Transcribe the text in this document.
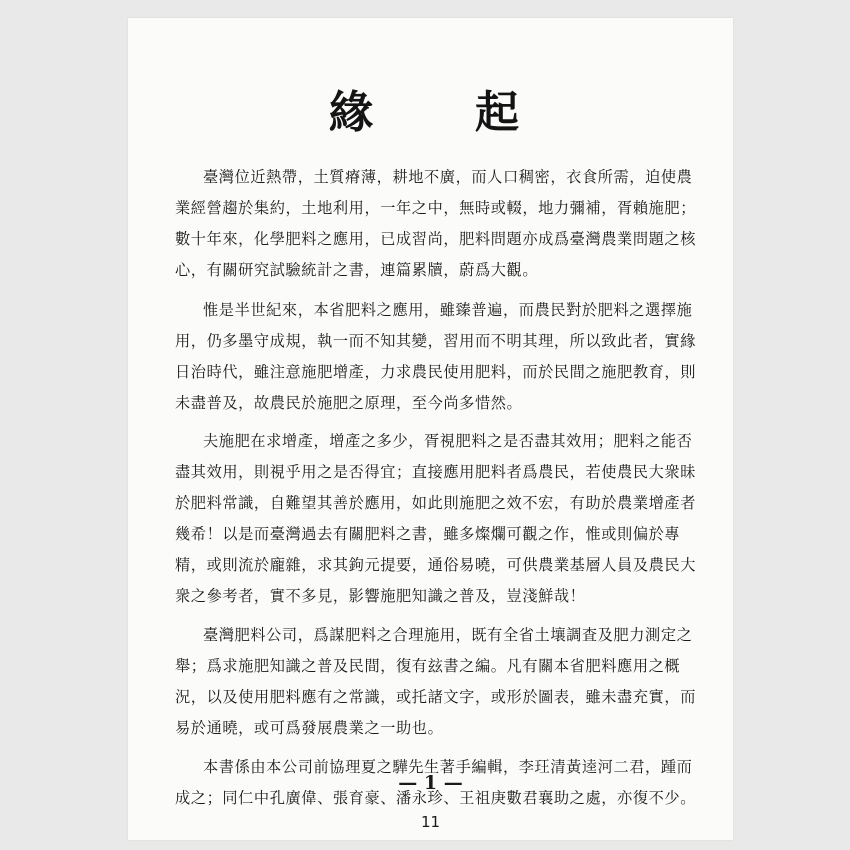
緣 起
臺灣位近熱帶，土質瘠薄，耕地不廣，而人口稠密，衣食所需，迫使農
業經營趨於集約，土地利用，一年之中，無時或輟，地力彌補，胥賴施肥；
數十年來，化學肥料之應用，已成習尚，肥料問題亦成爲臺灣農業問題之核
心，有關研究試驗統計之書，連篇累牘，蔚爲大觀。
惟是半世紀來，本省肥料之應用，雖臻普遍，而農民對於肥料之選擇施
用，仍多墨守成規，執一而不知其變，習用而不明其理，所以致此者，實緣
日治時代，雖注意施肥增產，力求農民使用肥料，而於民間之施肥教育，則
未盡普及，故農民於施肥之原理，至今尚多惜然。
夫施肥在求增產，增產之多少，胥視肥料之是否盡其效用；肥料之能否
盡其效用，則視乎用之是否得宜；直接應用肥料者爲農民，若使農民大衆昧
於肥料常識，自難望其善於應用，如此則施肥之效不宏，有助於農業增產者
幾希！以是而臺灣過去有關肥料之書，雖多燦爛可觀之作，惟或則偏於專
精，或則流於龐雜，求其鉤元提要，通俗易曉，可供農業基層人員及農民大
衆之參考者，實不多見，影響施肥知識之普及，豈淺鮮哉！
臺灣肥料公司，爲謀肥料之合理施用，既有全省土壤調査及肥力測定之
舉；爲求施肥知識之普及民間，復有玆書之編。凡有關本省肥料應用之概
況，以及使用肥料應有之常識，或托諸文字，或形於圖表，雖未盡充實，而
易於通曉，或可爲發展農業之一助也。
本書係由本公司前協理夏之驊先生著手編輯，李玨清黃逵河二君，踵而
成之；同仁中孔廣偉、張育豪、潘永珍、王祖庚數君襄助之處，亦復不少。
— 1 —
11
